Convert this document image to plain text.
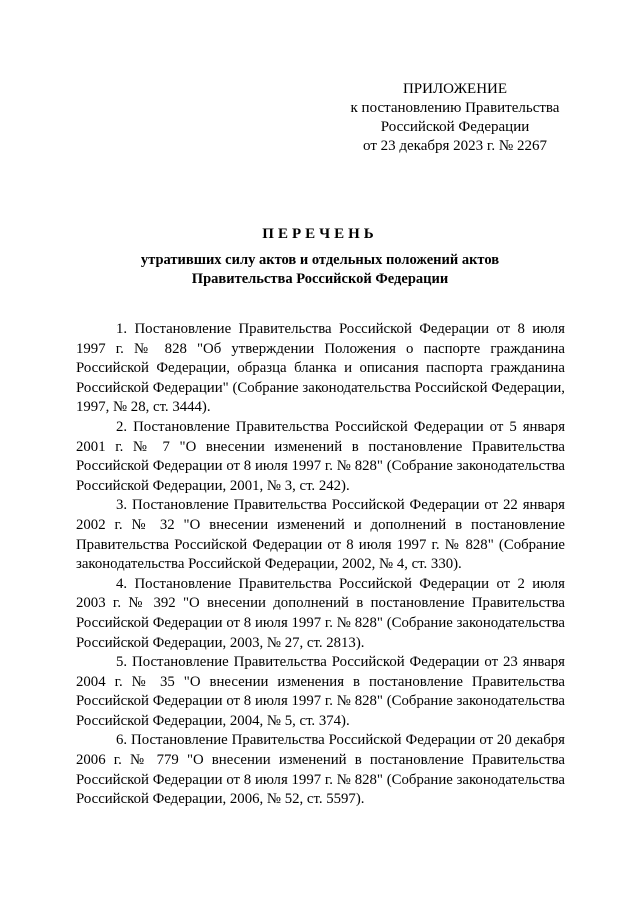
ПРИЛОЖЕНИЕ
к постановлению Правительства
Российской Федерации
от 23 декабря 2023 г. № 2267
ПЕРЕЧЕНЬ
утративших силу актов и отдельных положений актов
Правительства Российской Федерации

1. Постановление Правительства Российской Федерации от 8 июля 1997 г. № 828 "Об утверждении Положения о паспорте гражданина Российской Федерации, образца бланка и описания паспорта гражданина Российской Федерации" (Собрание законодательства Российской Федерации, 1997, № 28, ст. 3444).

2. Постановление Правительства Российской Федерации от 5 января 2001 г. № 7 "О внесении изменений в постановление Правительства Российской Федерации от 8 июля 1997 г. № 828" (Собрание законодательства Российской Федерации, 2001, № 3, ст. 242).

3. Постановление Правительства Российской Федерации от 22 января 2002 г. № 32 "О внесении изменений и дополнений в постановление Правительства Российской Федерации от 8 июля 1997 г. № 828" (Собрание законодательства Российской Федерации, 2002, № 4, ст. 330).

4. Постановление Правительства Российской Федерации от 2 июля 2003 г. № 392 "О внесении дополнений в постановление Правительства Российской Федерации от 8 июля 1997 г. № 828" (Собрание законодательства Российской Федерации, 2003, № 27, ст. 2813).

5. Постановление Правительства Российской Федерации от 23 января 2004 г. № 35 "О внесении изменения в постановление Правительства Российской Федерации от 8 июля 1997 г. № 828" (Собрание законодательства Российской Федерации, 2004, № 5, ст. 374).

6. Постановление Правительства Российской Федерации от 20 декабря 2006 г. № 779 "О внесении изменений в постановление Правительства Российской Федерации от 8 июля 1997 г. № 828" (Собрание законодательства Российской Федерации, 2006, № 52, ст. 5597).
